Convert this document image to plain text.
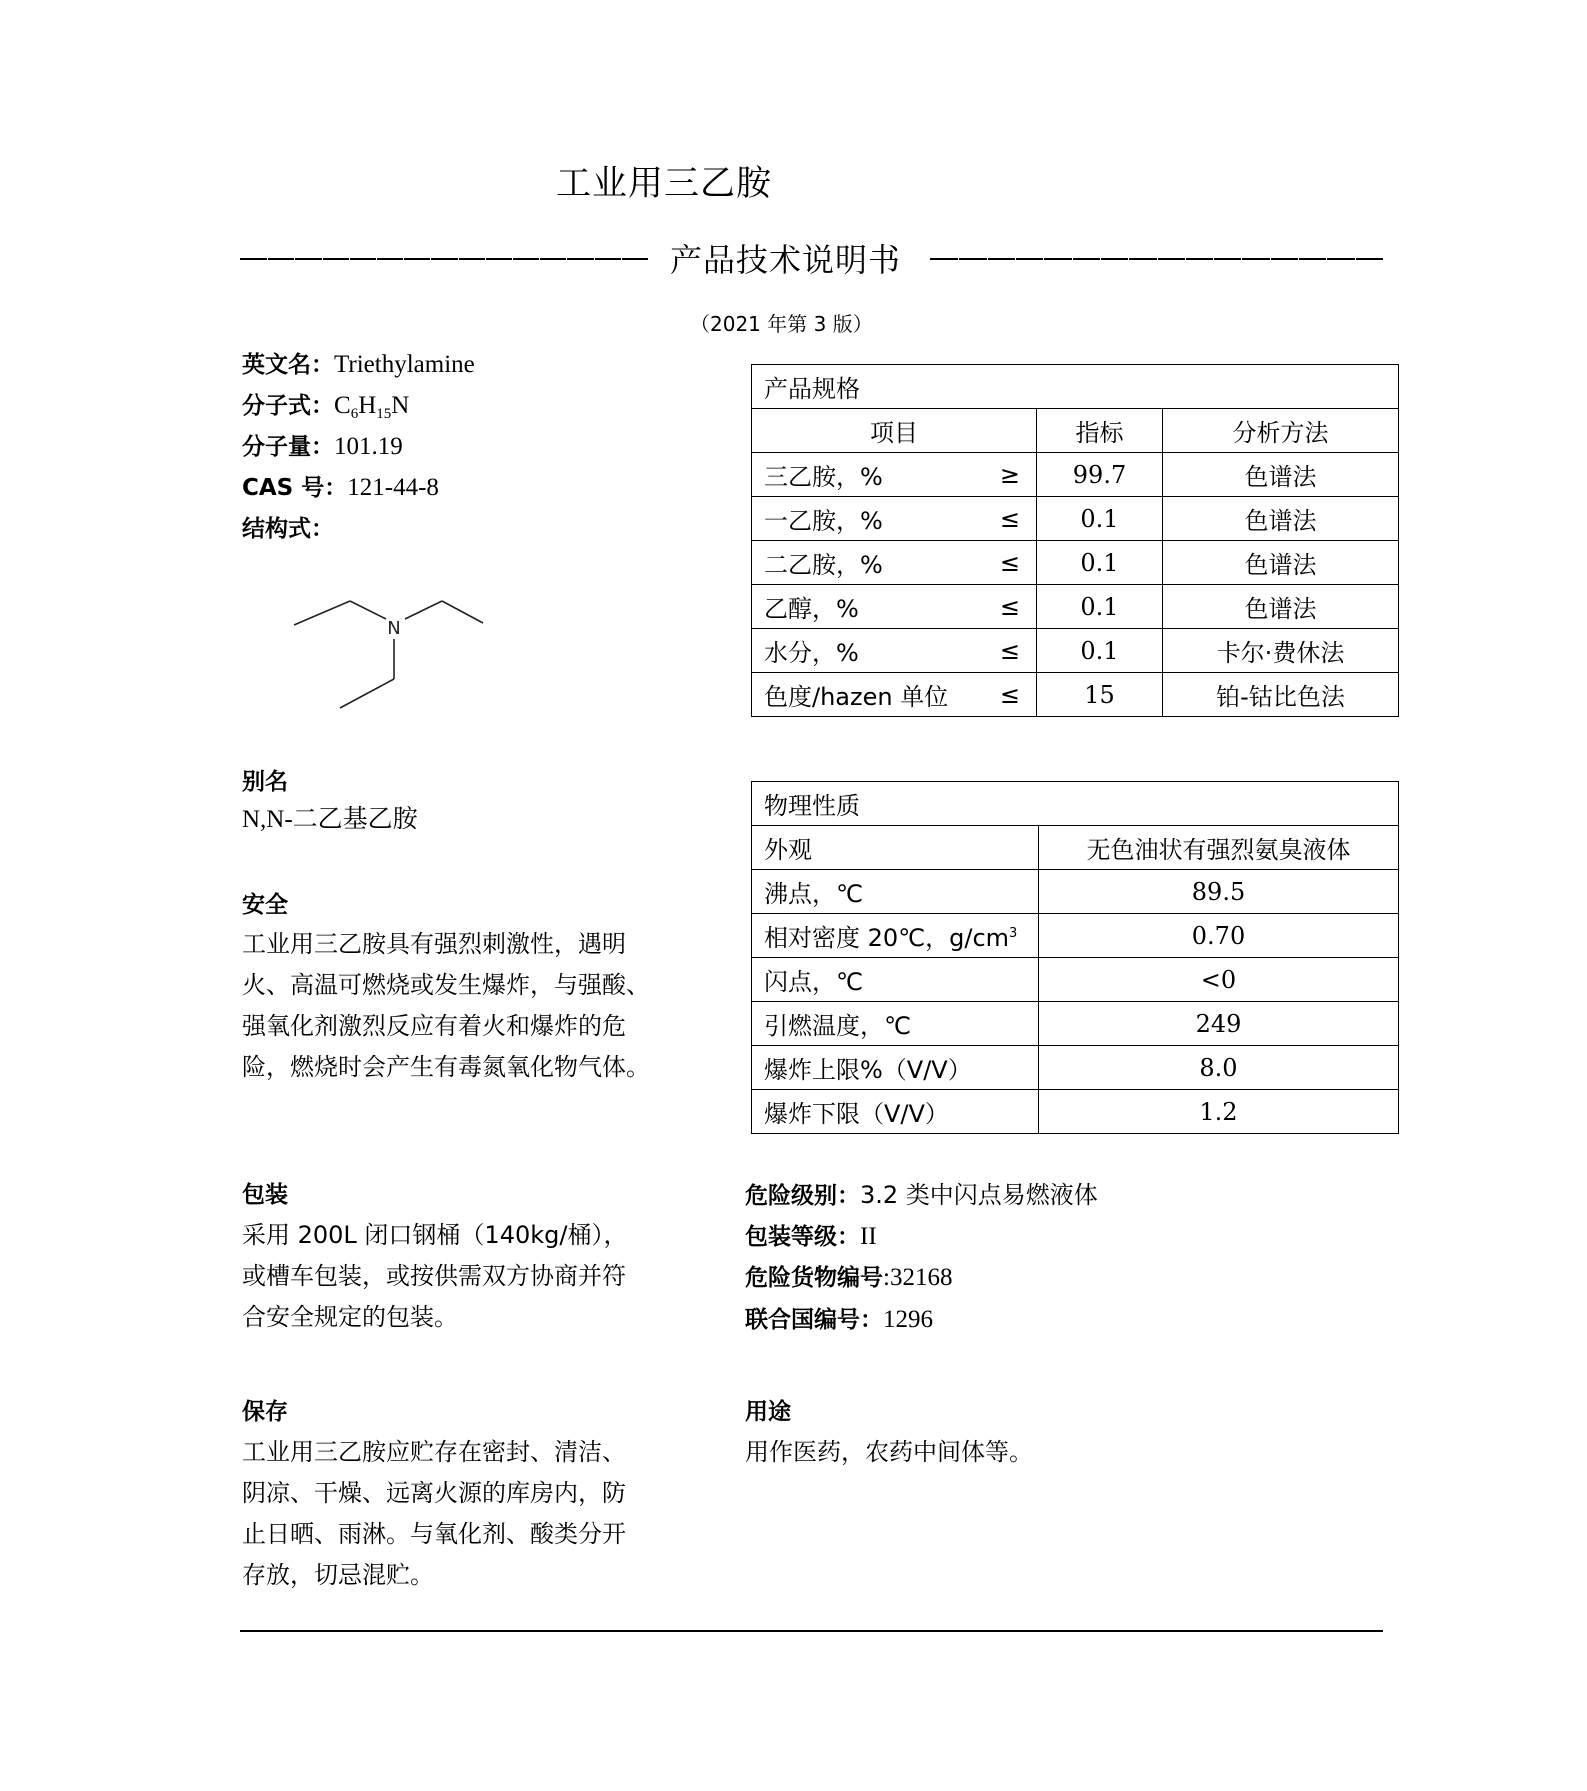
工业用三乙胺
产品技术说明书
（2021 年第 3 版）
英文名：Triethylamine
分子式：$C_6H_{15}N$
分子量：101.19
CAS 号：121-44-8
结构式：
N
产品规格		
项目	指标	分析方法
三乙胺，% ≥	99.7	色谱法
一乙胺，% ≤	0.1	色谱法
二乙胺，% ≤	0.1	色谱法
乙醇，% ≤	0.1	色谱法
水分，% ≤	0.1	卡尔·费休法
色度/hazen 单位 ≤	15	铂-钴比色法
物理性质	
外观	无色油状有强烈氨臭液体
沸点，℃	89.5
相对密度 20℃，$g/cm^3$	0.70
闪点，℃	<0
引燃温度，℃	249
爆炸上限%（V/V）	8.0
爆炸下限（V/V）	1.2
别名
N,N-二乙基乙胺
安全
工业用三乙胺具有强烈刺激性，遇明
火、高温可燃烧或发生爆炸，与强酸、
强氧化剂激烈反应有着火和爆炸的危
险，燃烧时会产生有毒氮氧化物气体。
包装
采用 200L 闭口钢桶（140kg/桶），
或槽车包装，或按供需双方协商并符
合安全规定的包装。
危险级别：3.2 类中闪点易燃液体
包装等级：II
危险货物编号:32168
联合国编号：1296
保存
工业用三乙胺应贮存在密封、清洁、
阴凉、干燥、远离火源的库房内，防
止日晒、雨淋。与氧化剂、酸类分开
存放，切忌混贮。
用途
用作医药，农药中间体等。
